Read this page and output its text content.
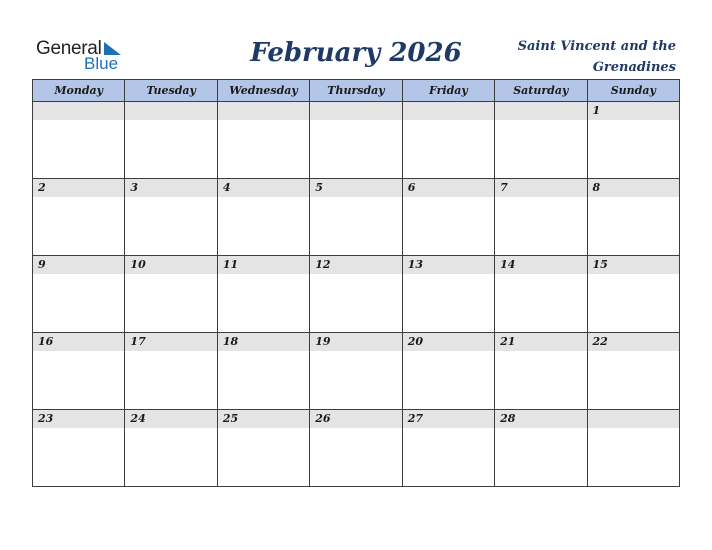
General
Blue	February 2026	Saint Vincent and the
Grenadines
Monday	Tuesday	Wednesday	Thursday	Friday	Saturday	Sunday

						1

2	3	4	5	6	7	8

9	10	11	12	13	14	15

16	17	18	19	20	21	22

23	24	25	26	27	28	
